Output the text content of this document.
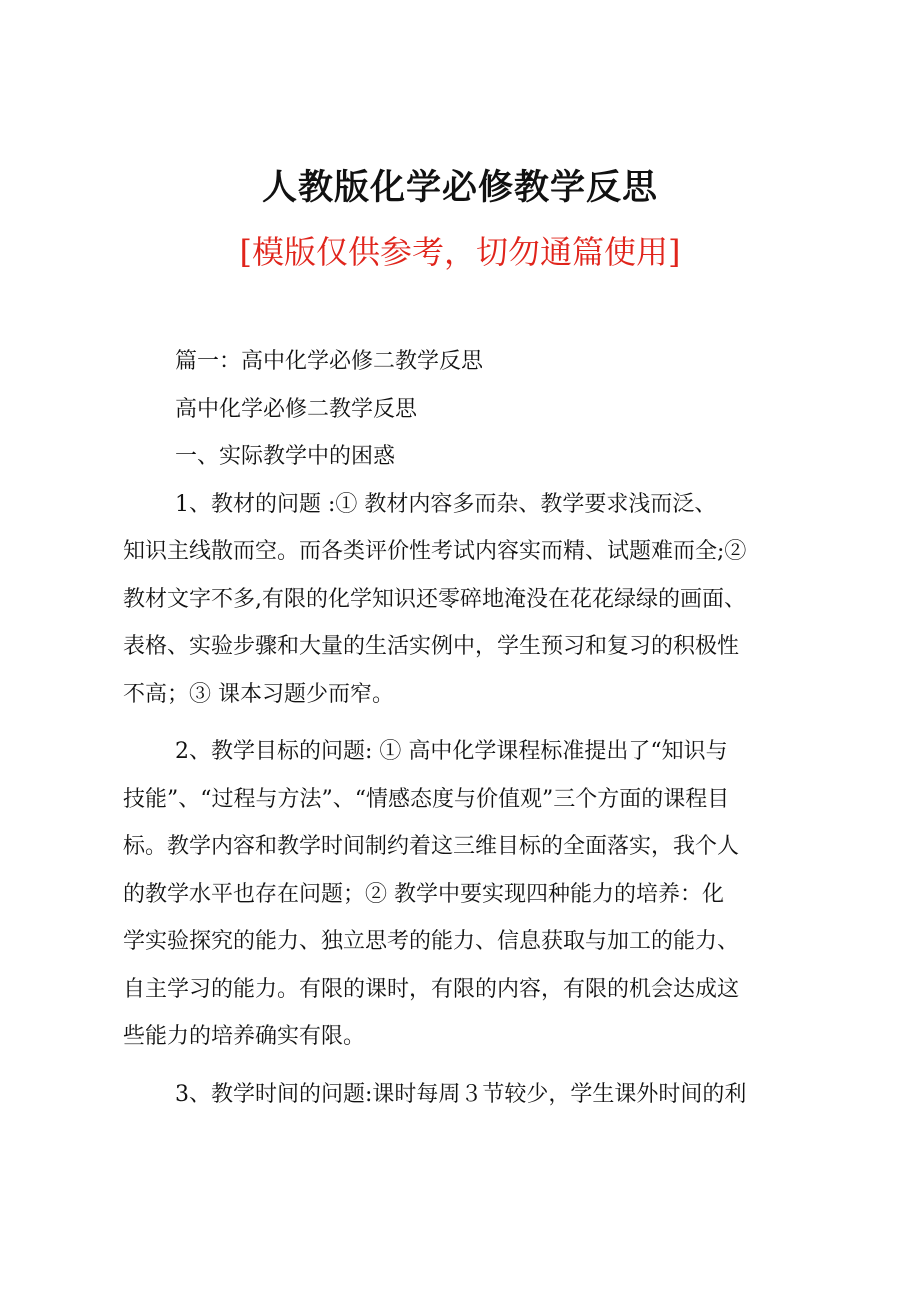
人教版化学必修教学反思
[模版仅供参考，切勿通篇使用]
篇一：高中化学必修二教学反思
高中化学必修二教学反思
一、实际教学中的困惑
1、教材的问题 :① 教材内容多而杂、教学要求浅而泛、
知识主线散而空。而各类评价性考试内容实而精、试题难而全;②
教材文字不多,有限的化学知识还零碎地淹没在花花绿绿的画面、
表格、实验步骤和大量的生活实例中，学生预习和复习的积极性
不高；③ 课本习题少而窄。
2、教学目标的问题: ① 高中化学课程标准提出了“知识与
技能”、“过程与方法”、“情感态度与价值观”三个方面的课程目
标。教学内容和教学时间制约着这三维目标的全面落实，我个人
的教学水平也存在问题；② 教学中要实现四种能力的培养：化
学实验探究的能力、独立思考的能力、信息获取与加工的能力、
自主学习的能力。有限的课时，有限的内容，有限的机会达成这
些能力的培养确实有限。
3、教学时间的问题:课时每周３节较少，学生课外时间的利
